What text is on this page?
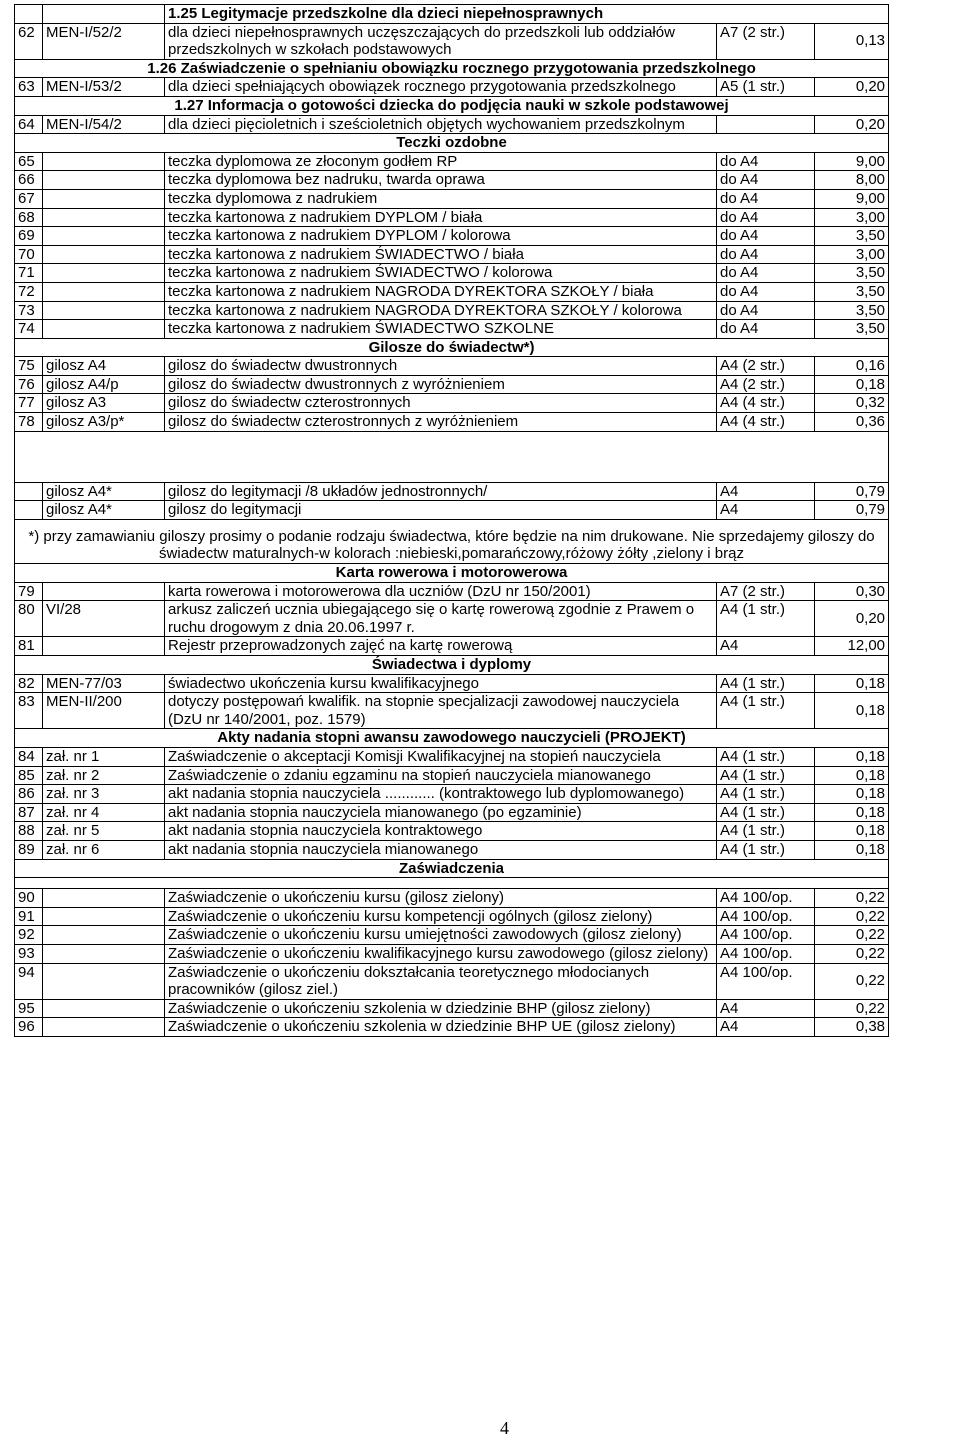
		1.25 Legitymacje przedszkolne dla dzieci niepełnosprawnych		
62	MEN-I/52/2	dla dzieci niepełnosprawnych uczęszczających do przedszkoli lub oddziałów przedszkolnych w szkołach podstawowych	A7 (2 str.)	0,13
1.26 Zaświadczenie o spełnianiu obowiązku rocznego przygotowania przedszkolnego				
63	MEN-I/53/2	dla dzieci spełniających obowiązek rocznego przygotowania przedszkolnego	A5 (1 str.)	0,20
1.27 Informacja o gotowości dziecka do podjęcia nauki w szkole podstawowej				
64	MEN-I/54/2	dla dzieci pięcioletnich i sześcioletnich objętych wychowaniem przedszkolnym		0,20
Teczki ozdobne				
65		teczka dyplomowa ze złoconym godłem RP	do A4	9,00
66		teczka dyplomowa bez nadruku, twarda oprawa	do A4	8,00
67		teczka dyplomowa z nadrukiem	do A4	9,00
68		teczka kartonowa z nadrukiem DYPLOM / biała	do A4	3,00
69		teczka kartonowa z nadrukiem DYPLOM / kolorowa	do A4	3,50
70		teczka kartonowa z nadrukiem ŚWIADECTWO / biała	do A4	3,00
71		teczka kartonowa z nadrukiem ŚWIADECTWO / kolorowa	do A4	3,50
72		teczka kartonowa z nadrukiem NAGRODA DYREKTORA SZKOŁY / biała	do A4	3,50
73		teczka kartonowa z nadrukiem NAGRODA DYREKTORA SZKOŁY / kolorowa	do A4	3,50
74		teczka kartonowa z nadrukiem ŚWIADECTWO SZKOLNE	do A4	3,50
Gilosze do świadectw*)				
75	gilosz A4	gilosz do świadectw dwustronnych	A4 (2 str.)	0,16
76	gilosz A4/p	gilosz do świadectw dwustronnych z wyróżnieniem	A4 (2 str.)	0,18
77	gilosz A3	gilosz do świadectw czterostronnych	A4 (4 str.)	0,32
78	gilosz A3/p*	gilosz do świadectw czterostronnych z wyróżnieniem	A4 (4 str.)	0,36

	gilosz A4*	gilosz do legitymacji /8 układów jednostronnych/	A4	0,79
	gilosz A4*	gilosz do legitymacji	A4	0,79
*) przy zamawianiu giloszy prosimy o podanie rodzaju świadectwa, które będzie na nim drukowane. Nie sprzedajemy giloszy do świadectw maturalnych-w kolorach :niebieski,pomarańczowy,różowy żółty ,zielony i brąz				
Karta rowerowa i motorowerowa				
79		karta rowerowa i motorowerowa dla uczniów (DzU nr 150/2001)	A7 (2 str.)	0,30
80	VI/28	arkusz zaliczeń ucznia ubiegającego się o kartę rowerową zgodnie z Prawem o ruchu drogowym z dnia 20.06.1997 r.	A4 (1 str.)	0,20
81		Rejestr przeprowadzonych zajęć na kartę rowerową	A4	12,00
Świadectwa i dyplomy				
82	MEN-77/03	świadectwo ukończenia kursu kwalifikacyjnego	A4 (1 str.)	0,18
83	MEN-II/200	dotyczy postępowań kwalifik. na stopnie specjalizacji zawodowej nauczyciela (DzU nr 140/2001, poz. 1579)	A4 (1 str.)	0,18
Akty nadania stopni awansu zawodowego nauczycieli (PROJEKT)				
84	zał. nr 1	Zaświadczenie o akceptacji Komisji Kwalifikacyjnej na stopień nauczyciela	A4 (1 str.)	0,18
85	zał. nr 2	Zaświadczenie o zdaniu egzaminu na stopień nauczyciela mianowanego	A4 (1 str.)	0,18
86	zał. nr 3	akt nadania stopnia nauczyciela ............ (kontraktowego lub dyplomowanego)	A4 (1 str.)	0,18
87	zał. nr 4	akt nadania stopnia nauczyciela mianowanego (po egzaminie)	A4 (1 str.)	0,18
88	zał. nr 5	akt nadania stopnia nauczyciela kontraktowego	A4 (1 str.)	0,18
89	zał. nr 6	akt nadania stopnia nauczyciela mianowanego	A4 (1 str.)	0,18
Zaświadczenia				

90		Zaświadczenie o ukończeniu kursu (gilosz zielony)	A4 100/op.	0,22
91		Zaświadczenie o ukończeniu kursu kompetencji ogólnych (gilosz zielony)	A4 100/op.	0,22
92		Zaświadczenie o ukończeniu kursu umiejętności zawodowych (gilosz zielony)	A4 100/op.	0,22
93		Zaświadczenie o ukończeniu kwalifikacyjnego kursu zawodowego (gilosz zielony)	A4 100/op.	0,22
94		Zaświadczenie o ukończeniu dokształcania teoretycznego młodocianych pracowników (gilosz ziel.)	A4 100/op.	0,22
95		Zaświadczenie o ukończeniu szkolenia w dziedzinie BHP (gilosz zielony)	A4	0,22
96		Zaświadczenie o ukończeniu szkolenia w dziedzinie BHP UE (gilosz zielony)	A4	0,38
4
